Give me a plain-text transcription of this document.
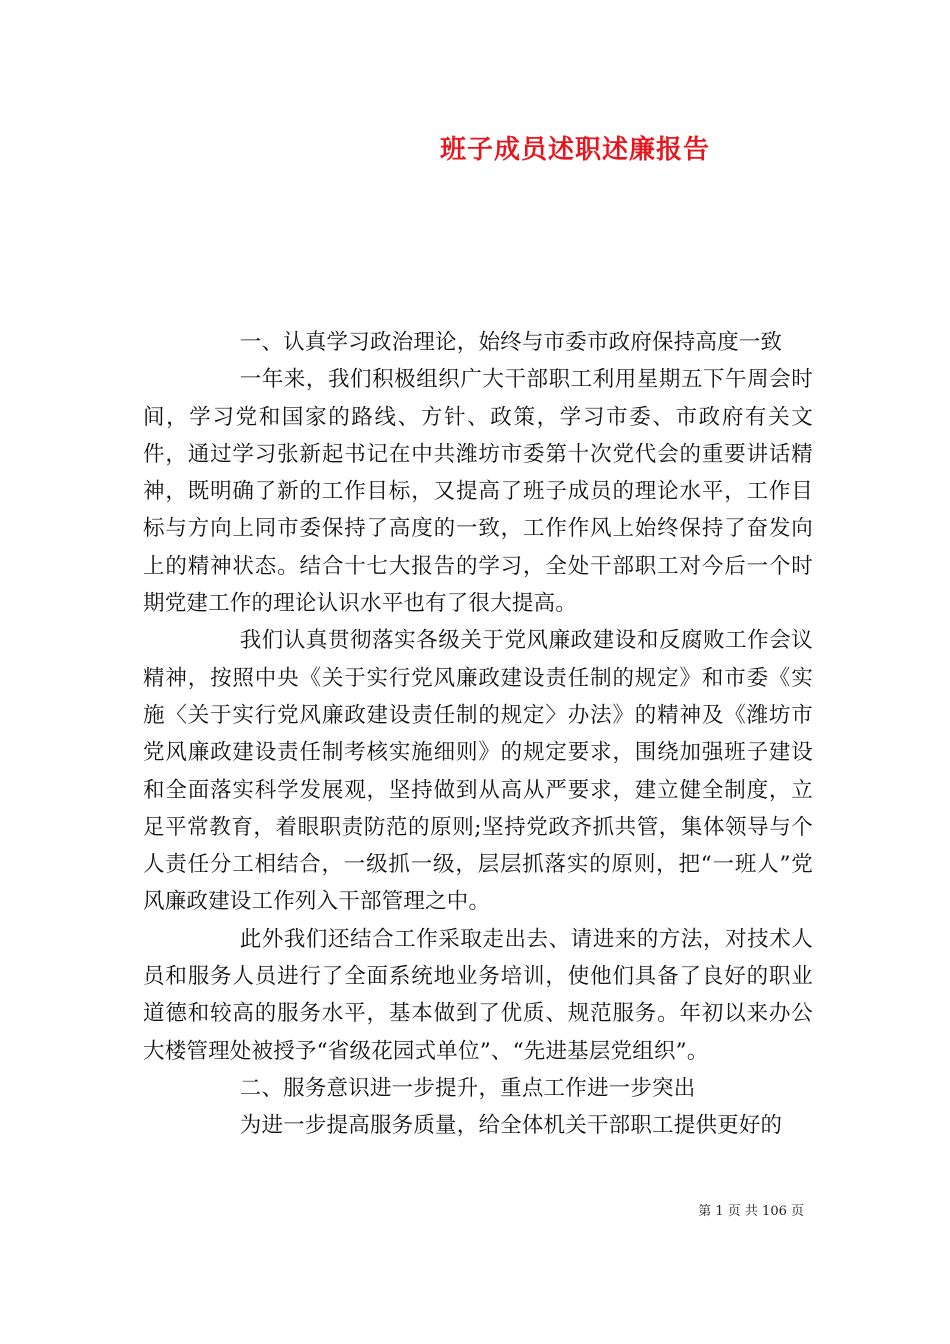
班子成员述职述廉报告

一、认真学习政治理论，始终与市委市政府保持高度一致

一年来，我们积极组织广大干部职工利用星期五下午周会时间，学习党和国家的路线、方针、政策，学习市委、市政府有关文件，通过学习张新起书记在中共潍坊市委第十次党代会的重要讲话精神，既明确了新的工作目标，又提高了班子成员的理论水平，工作目标与方向上同市委保持了高度的一致，工作作风上始终保持了奋发向上的精神状态。结合十七大报告的学习，全处干部职工对今后一个时期党建工作的理论认识水平也有了很大提高。

我们认真贯彻落实各级关于党风廉政建设和反腐败工作会议精神，按照中央《关于实行党风廉政建设责任制的规定》和市委《实施〈关于实行党风廉政建设责任制的规定〉办法》的精神及《潍坊市党风廉政建设责任制考核实施细则》的规定要求，围绕加强班子建设和全面落实科学发展观，坚持做到从高从严要求，建立健全制度，立足平常教育，着眼职责防范的原则;坚持党政齐抓共管，集体领导与个人责任分工相结合，一级抓一级，层层抓落实的原则，把“一班人”党风廉政建设工作列入干部管理之中。

此外我们还结合工作采取走出去、请进来的方法，对技术人员和服务人员进行了全面系统地业务培训，使他们具备了良好的职业道德和较高的服务水平，基本做到了优质、规范服务。年初以来办公大楼管理处被授予“省级花园式单位”、“先进基层党组织”。

二、服务意识进一步提升，重点工作进一步突出

为进一步提高服务质量，给全体机关干部职工提供更好的

第 1 页 共 106 页
